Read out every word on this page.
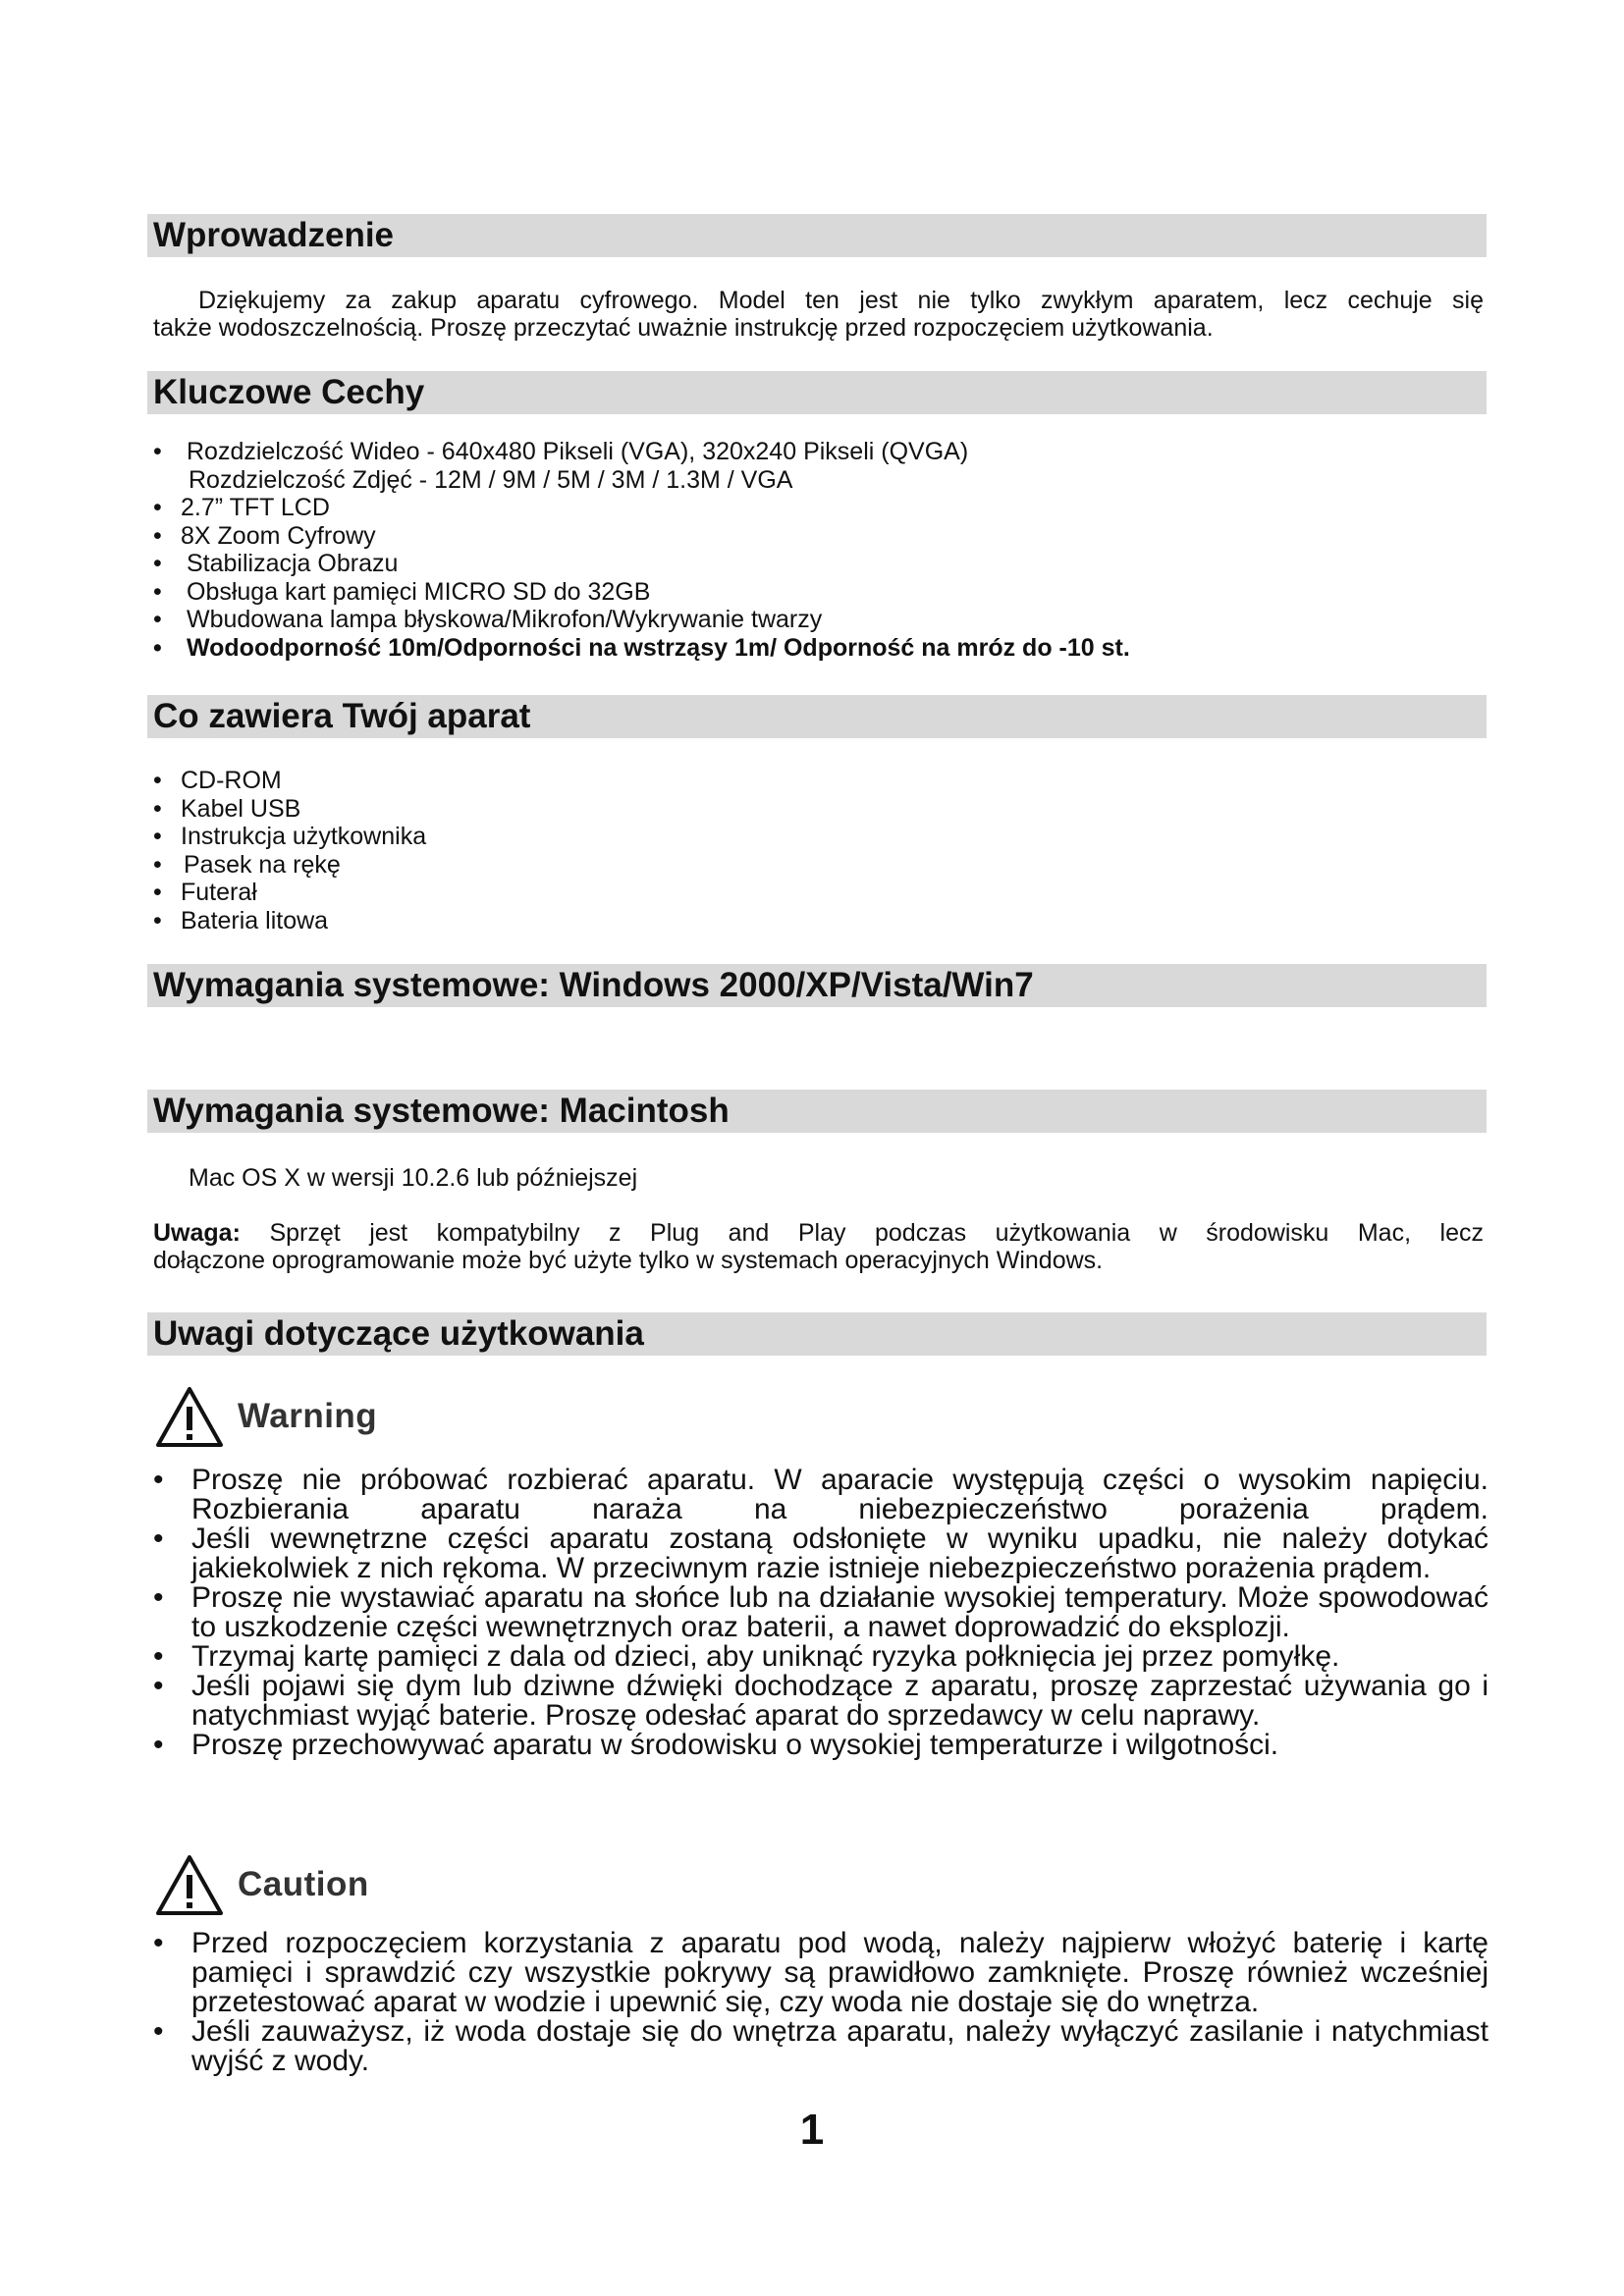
Wprowadzenie
Dziękujemy za zakup aparatu cyfrowego. Model ten jest nie tylko zwykłym aparatem, lecz cechuje się
także wodoszczelnością. Proszę przeczytać uważnie instrukcję przed rozpoczęciem użytkowania.
Kluczowe Cechy
• Rozdzielczość Wideo - 640x480 Pikseli (VGA), 320x240 Pikseli (QVGA)
Rozdzielczość Zdjęć - 12M / 9M / 5M / 3M / 1.3M / VGA
• 2.7” TFT LCD
• 8X Zoom Cyfrowy
• Stabilizacja Obrazu
• Obsługa kart pamięci MICRO SD do 32GB
• Wbudowana lampa błyskowa/Mikrofon/Wykrywanie twarzy
• Wodoodporność 10m/Odporności na wstrząsy 1m/ Odporność na mróz do -10 st.
Co zawiera Twój aparat
• CD-ROM
• Kabel USB
• Instrukcja użytkownika
• Pasek na rękę
• Futerał
• Bateria litowa
Wymagania systemowe: Windows 2000/XP/Vista/Win7
Wymagania systemowe: Macintosh
Mac OS X w wersji 10.2.6 lub późniejszej
Uwaga: Sprzęt jest kompatybilny z Plug and Play podczas użytkowania w środowisku Mac, lecz
dołączone oprogramowanie może być użyte tylko w systemach operacyjnych Windows.
Uwagi dotyczące użytkowania
Warning
• Proszę nie próbować rozbierać aparatu. W aparacie występują części o wysokim napięciu. Rozbierania aparatu naraża na niebezpieczeństwo porażenia prądem.
• Jeśli wewnętrzne części aparatu zostaną odsłonięte w wyniku upadku, nie należy dotykać jakiekolwiek z nich rękoma. W przeciwnym razie istnieje niebezpieczeństwo porażenia prądem.
• Proszę nie wystawiać aparatu na słońce lub na działanie wysokiej temperatury. Może spowodować to uszkodzenie części wewnętrznych oraz baterii, a nawet doprowadzić do eksplozji.
• Trzymaj kartę pamięci z dala od dzieci, aby uniknąć ryzyka połknięcia jej przez pomyłkę.
• Jeśli pojawi się dym lub dziwne dźwięki dochodzące z aparatu, proszę zaprzestać używania go i natychmiast wyjąć baterie. Proszę odesłać aparat do sprzedawcy w celu naprawy.
• Proszę przechowywać aparatu w środowisku o wysokiej temperaturze i wilgotności.
Caution
• Przed rozpoczęciem korzystania z aparatu pod wodą, należy najpierw włożyć baterię i kartę pamięci i sprawdzić czy wszystkie pokrywy są prawidłowo zamknięte. Proszę również wcześniej przetestować aparat w wodzie i upewnić się, czy woda nie dostaje się do wnętrza.
• Jeśli zauważysz, iż woda dostaje się do wnętrza aparatu, należy wyłączyć zasilanie i natychmiast wyjść z wody.
1
